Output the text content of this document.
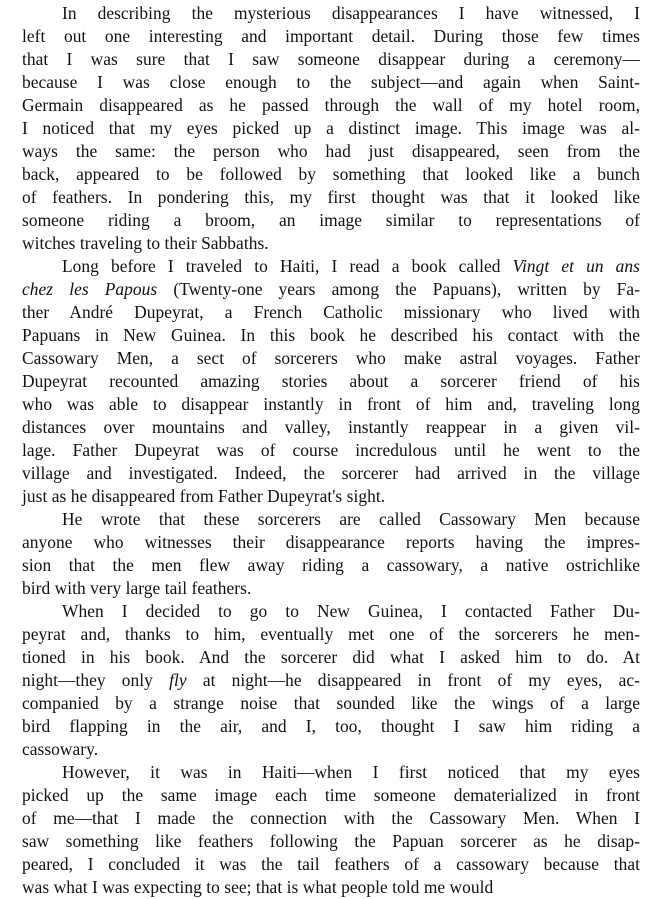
In describing the mysterious disappearances I have witnessed, I
left out one interesting and important detail. During those few times
that I was sure that I saw someone disappear during a ceremony—
because I was close enough to the subject—and again when Saint-
Germain disappeared as he passed through the wall of my hotel room,
I noticed that my eyes picked up a distinct image. This image was al-
ways the same: the person who had just disappeared, seen from the
back, appeared to be followed by something that looked like a bunch
of feathers. In pondering this, my first thought was that it looked like
someone riding a broom, an image similar to representations of
witches traveling to their Sabbaths.
Long before I traveled to Haiti, I read a book called Vingt et un ans
chez les Papous (Twenty-one years among the Papuans), written by Fa-
ther André Dupeyrat, a French Catholic missionary who lived with
Papuans in New Guinea. In this book he described his contact with the
Cassowary Men, a sect of sorcerers who make astral voyages. Father
Dupeyrat recounted amazing stories about a sorcerer friend of his
who was able to disappear instantly in front of him and, traveling long
distances over mountains and valley, instantly reappear in a given vil-
lage. Father Dupeyrat was of course incredulous until he went to the
village and investigated. Indeed, the sorcerer had arrived in the village
just as he disappeared from Father Dupeyrat's sight.
He wrote that these sorcerers are called Cassowary Men because
anyone who witnesses their disappearance reports having the impres-
sion that the men flew away riding a cassowary, a native ostrichlike
bird with very large tail feathers.
When I decided to go to New Guinea, I contacted Father Du-
peyrat and, thanks to him, eventually met one of the sorcerers he men-
tioned in his book. And the sorcerer did what I asked him to do. At
night—they only fly at night—he disappeared in front of my eyes, ac-
companied by a strange noise that sounded like the wings of a large
bird flapping in the air, and I, too, thought I saw him riding a
cassowary.
However, it was in Haiti—when I first noticed that my eyes
picked up the same image each time someone dematerialized in front
of me—that I made the connection with the Cassowary Men. When I
saw something like feathers following the Papuan sorcerer as he disap-
peared, I concluded it was the tail feathers of a cassowary because that
was what I was expecting to see; that is what people told me would
